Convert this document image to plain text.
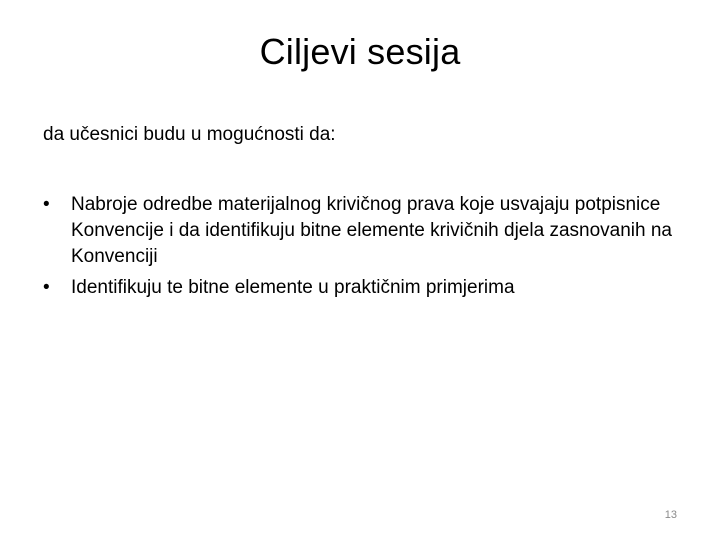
Ciljevi sesija

da učesnici budu u mogućnosti da:

•	Nabroje odredbe materijalnog krivičnog prava koje usvajaju potpisnice Konvencije i da identifikuju bitne elemente krivičnih djela zasnovanih na Konvenciji
•	Identifikuju te bitne elemente u praktičnim primjerima
13
